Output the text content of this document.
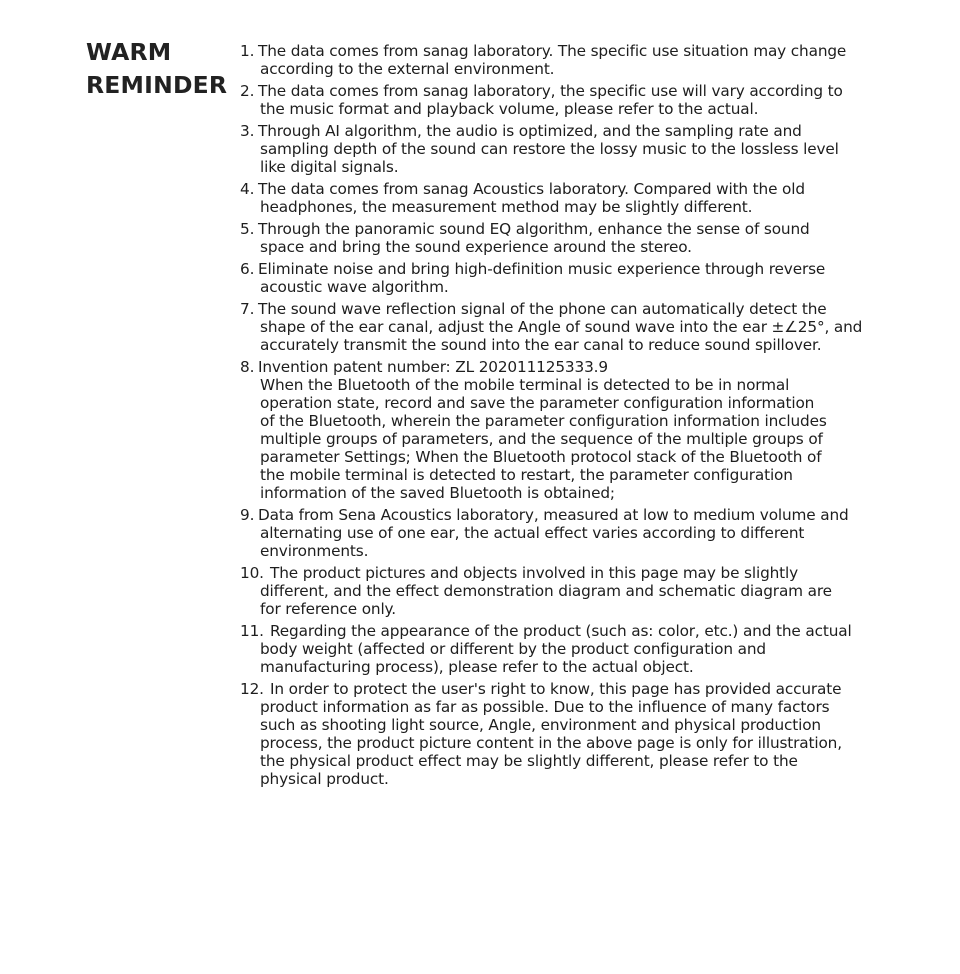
WARM
REMINDER
1. The data comes from sanag laboratory. The specific use situation may change
according to the external environment.
2. The data comes from sanag laboratory, the specific use will vary according to
the music format and playback volume, please refer to the actual.
3. Through AI algorithm, the audio is optimized, and the sampling rate and
sampling depth of the sound can restore the lossy music to the lossless level
like digital signals.
4. The data comes from sanag Acoustics laboratory. Compared with the old
headphones, the measurement method may be slightly different.
5. Through the panoramic sound EQ algorithm, enhance the sense of sound
space and bring the sound experience around the stereo.
6. Eliminate noise and bring high-definition music experience through reverse
acoustic wave algorithm.
7. The sound wave reflection signal of the phone can automatically detect the
shape of the ear canal, adjust the Angle of sound wave into the ear ±∠25°, and
accurately transmit the sound into the ear canal to reduce sound spillover.
8. Invention patent number: ZL 202011125333.9
When the Bluetooth of the mobile terminal is detected to be in normal
operation state, record and save the parameter configuration information
of the Bluetooth, wherein the parameter configuration information includes
multiple groups of parameters, and the sequence of the multiple groups of
parameter Settings; When the Bluetooth protocol stack of the Bluetooth of
the mobile terminal is detected to restart, the parameter configuration
information of the saved Bluetooth is obtained;
9. Data from Sena Acoustics laboratory, measured at low to medium volume and
alternating use of one ear, the actual effect varies according to different
environments.
10. The product pictures and objects involved in this page may be slightly
different, and the effect demonstration diagram and schematic diagram are
for reference only.
11. Regarding the appearance of the product (such as: color, etc.) and the actual
body weight (affected or different by the product configuration and
manufacturing process), please refer to the actual object.
12. In order to protect the user's right to know, this page has provided accurate
product information as far as possible. Due to the influence of many factors
such as shooting light source, Angle, environment and physical production
process, the product picture content in the above page is only for illustration,
the physical product effect may be slightly different, please refer to the
physical product.
